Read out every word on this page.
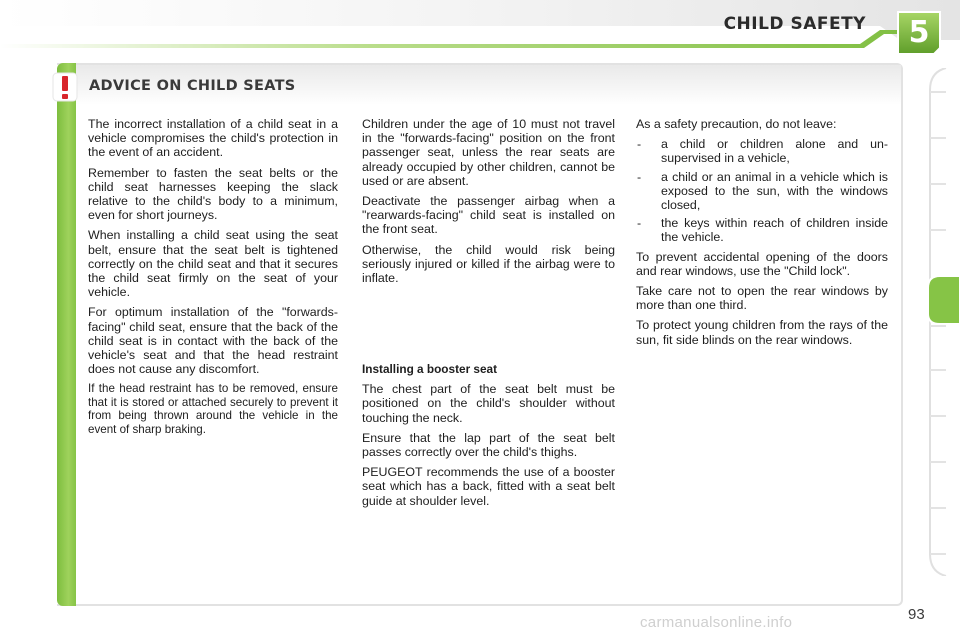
CHILD SAFETY	5
ADVICE ON CHILD SEATS

The incorrect installation of a child seat in a vehicle compromises the child's protection in the event of an accident.

Remember to fasten the seat belts or the child seat harnesses keeping the slack relative to the child's body to a minimum, even for short journeys.

When installing a child seat using the seat belt, ensure that the seat belt is tightened correctly on the child seat and that it secures the child seat firmly on the seat of your vehicle.

For optimum installation of the "forwards-facing" child seat, ensure that the back of the child seat is in contact with the back of the vehicle's seat and that the head restraint does not cause any discomfort.

If the head restraint has to be removed, ensure that it is stored or attached securely to prevent it from being thrown around the vehicle in the event of sharp braking.

Children under the age of 10 must not travel in the "forwards-facing" position on the front passenger seat, unless the rear seats are already occupied by other children, cannot be used or are absent.

Deactivate the passenger airbag when a "rearwards-facing" child seat is installed on the front seat.

Otherwise, the child would risk being seriously injured or killed if the airbag were to inflate.

Installing a booster seat

The chest part of the seat belt must be positioned on the child's shoulder without touching the neck.

Ensure that the lap part of the seat belt passes correctly over the child's thighs.

PEUGEOT recommends the use of a booster seat which has a back, fitted with a seat belt guide at shoulder level.

As a safety precaution, do not leave:

- a child or children alone and unsupervised in a vehicle,
- a child or an animal in a vehicle which is exposed to the sun, with the windows closed,
- the keys within reach of children inside the vehicle.

To prevent accidental opening of the doors and rear windows, use the "Child lock".

Take care not to open the rear windows by more than one third.

To protect young children from the rays of the sun, fit side blinds on the rear windows.

carmanualsonline.info	93
